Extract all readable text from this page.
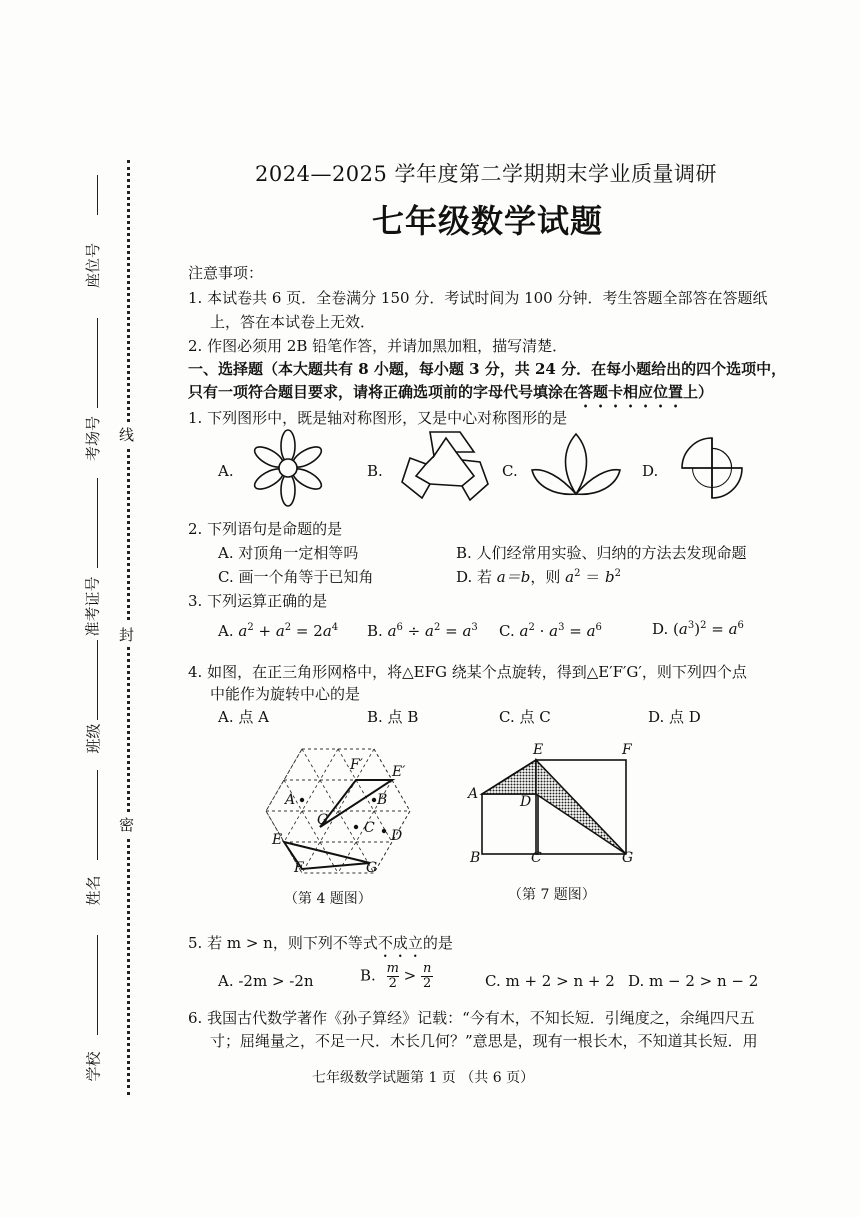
座位号
考场号
准考证号
班级
姓名
学校
线
封
密
2024—2025 学年度第二学期期末学业质量调研
七年级数学试题
注意事项：
1. 本试卷共 6 页．全卷满分 150 分．考试时间为 100 分钟．考生答题全部答在答题纸
上，答在本试卷上无效．
2. 作图必须用 2B 铅笔作答，并请加黑加粗，描写清楚．
一、选择题（本大题共有 8 小题，每小题 3 分，共 24 分．在每小题给出的四个选项中，
只有一项符合题目要求，请将正确选项前的字母代号填涂在答题卡相应位置上）
1. 下列图形中，既是轴对称图形，又是中心对称图形的是
A.	B.	C.	D.
2. 下列语句是命题的是
A. 对顶角一定相等吗	B. 人们经常用实验、归纳的方法去发现命题
C. 画一个角等于已知角	D. 若 a＝b，则 $a^2 = b^2$
3. 下列运算正确的是
A. $a^2 + a^2 = 2a^4$ B. $a^6 \div a^2 = a^3$ C. $a^2 \cdot a^3 = a^6$	D. $(a^3)^2 = a^6$
4. 如图，在正三角形网格中，将△EFG 绕某个点旋转，得到△E′F′G′，则下列四个点
中能作为旋转中心的是
A. 点 A	B. 点 B	C. 点 C	D. 点 D
F′ E′
A	B
G′ C D
E
F	G
（第 4 题图）
E	F
A	D
B	C	G
（第 7 题图）
5. 若 m > n，则下列不等式不成立的是
A. -2m > -2n	B. $\frac{m}{2} > \frac{n}{2}$	C. m + 2 > n + 2 D. m − 2 > n − 2
6. 我国古代数学著作《孙子算经》记载：“今有木，不知长短．引绳度之，余绳四尺五
寸；屈绳量之，不足一尺．木长几何？”意思是，现有一根长木，不知道其长短．用
七年级数学试题第 1 页 （共 6 页）
